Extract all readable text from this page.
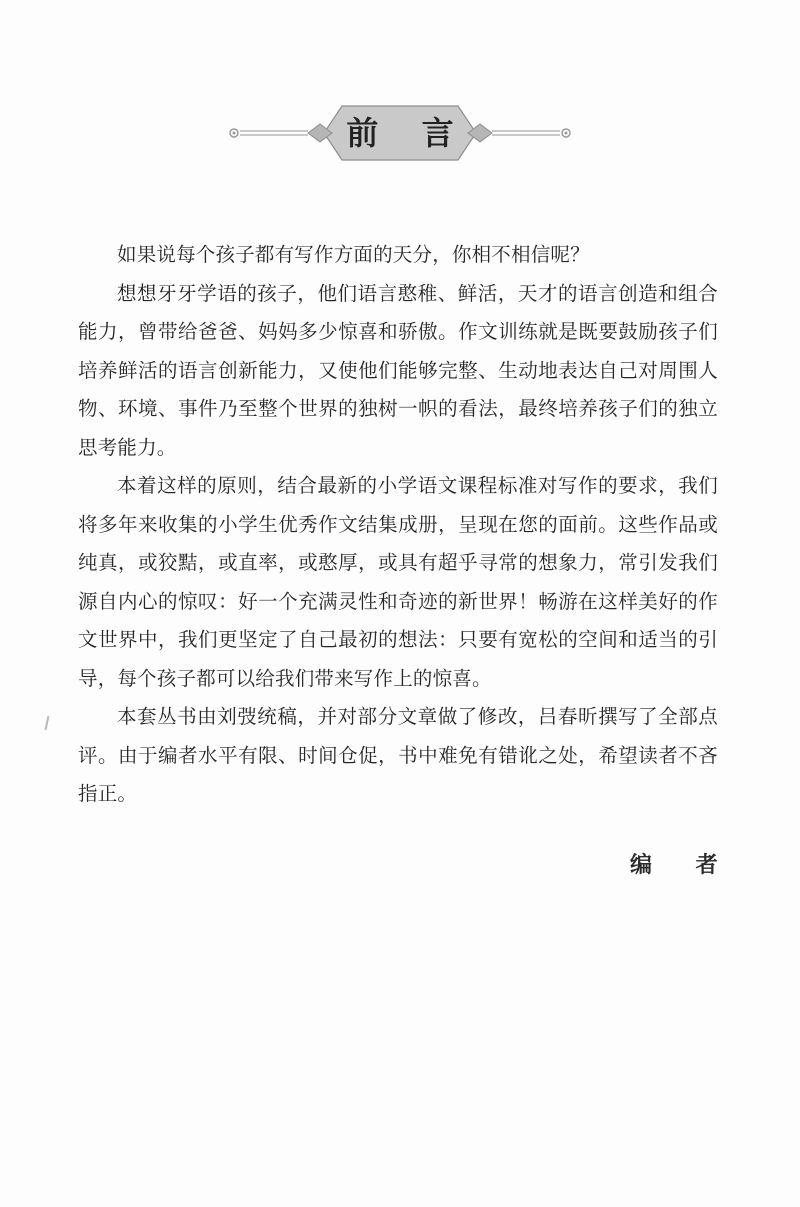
前 言

如果说每个孩子都有写作方面的天分，你相不相信呢？

想想牙牙学语的孩子，他们语言憨稚、鲜活，天才的语言创造和组合能力，曾带给爸爸、妈妈多少惊喜和骄傲。作文训练就是既要鼓励孩子们培养鲜活的语言创新能力，又使他们能够完整、生动地表达自己对周围人物、环境、事件乃至整个世界的独树一帜的看法，最终培养孩子们的独立思考能力。

本着这样的原则，结合最新的小学语文课程标准对写作的要求，我们将多年来收集的小学生优秀作文结集成册，呈现在您的面前。这些作品或纯真，或狡黠，或直率，或憨厚，或具有超乎寻常的想象力，常引发我们源自内心的惊叹：好一个充满灵性和奇迹的新世界！畅游在这样美好的作文世界中，我们更坚定了自己最初的想法：只要有宽松的空间和适当的引导，每个孩子都可以给我们带来写作上的惊喜。

本套丛书由刘弢统稿，并对部分文章做了修改，吕春昕撰写了全部点评。由于编者水平有限、时间仓促，书中难免有错讹之处，希望读者不吝指正。

编 者
